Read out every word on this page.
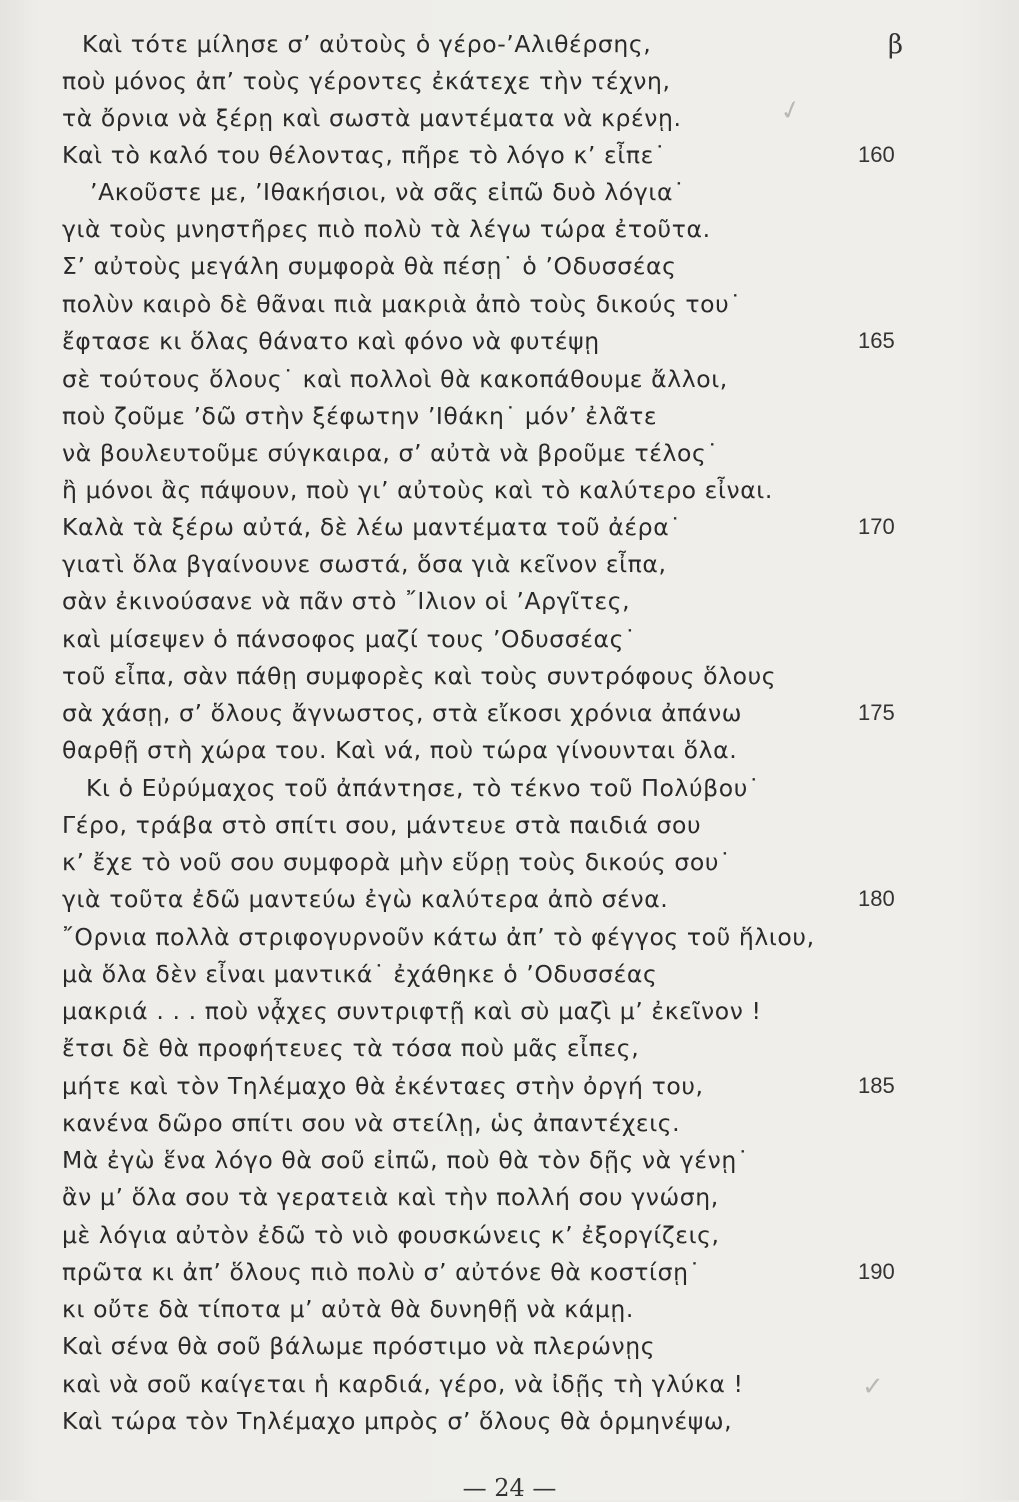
β
Καὶ τότε μίλησε σ’ αὐτοὺς ὁ γέρο-’Αλιθέρσης,
ποὺ μόνος ἀπ’ τοὺς γέροντες ἐκάτεχε τὴν τέχνη,
τὰ ὄρνια νὰ ξέρῃ καὶ σωστὰ μαντέματα νὰ κρένῃ.
Καὶ τὸ καλό του θέλοντας, πῆρε τὸ λόγο κ’ εἶπε˙
’Ακοῦστε με, ’Ιθακήσιοι, νὰ σᾶς εἰπῶ δυὸ λόγια˙
γιὰ τοὺς μνηστῆρες πιὸ πολὺ τὰ λέγω τώρα ἐτοῦτα.
Σ’ αὐτοὺς μεγάλη συμφορὰ θὰ πέσῃ˙ ὁ ’Οδυσσέας
πολὺν καιρὸ δὲ θᾶναι πιὰ μακριὰ ἀπὸ τοὺς δικούς του˙
ἔφτασε κι ὅλας θάνατο καὶ φόνο νὰ φυτέψῃ
σὲ τούτους ὅλους˙ καὶ πολλοὶ θὰ κακοπάθουμε ἄλλοι,
ποὺ ζοῦμε ’δῶ στὴν ξέφωτην ’Ιθάκη˙ μόν’ ἐλᾶτε
νὰ βουλευτοῦμε σύγκαιρα, σ’ αὐτὰ νὰ βροῦμε τέλος˙
ἢ μόνοι ἂς πάψουν, ποὺ γι’ αὐτοὺς καὶ τὸ καλύτερο εἶναι.
Καλὰ τὰ ξέρω αὐτά, δὲ λέω μαντέματα τοῦ ἀέρα˙
γιατὶ ὅλα βγαίνουνε σωστά, ὅσα γιὰ κεῖνον εἶπα,
σὰν ἐκινούσανε νὰ πᾶν στὸ ῎Ιλιον οἱ ’Αργῖτες,
καὶ μίσεψεν ὁ πάνσοφος μαζί τους ’Οδυσσέας˙
τοῦ εἶπα, σὰν πάθῃ συμφορὲς καὶ τοὺς συντρόφους ὅλους
σὰ χάσῃ, σ’ ὅλους ἄγνωστος, στὰ εἴκοσι χρόνια ἀπάνω
θαρθῇ στὴ χώρα του. Καὶ νά, ποὺ τώρα γίνουνται ὅλα.
Κι ὁ Εὐρύμαχος τοῦ ἀπάντησε, τὸ τέκνο τοῦ Πολύβου˙
Γέρο, τράβα στὸ σπίτι σου, μάντευε στὰ παιδιά σου
κ’ ἔχε τὸ νοῦ σου συμφορὰ μὴν εὕρῃ τοὺς δικούς σου˙
γιὰ τοῦτα ἐδῶ μαντεύω ἐγὼ καλύτερα ἀπὸ σένα.
῎Ορνια πολλὰ στριφογυρνοῦν κάτω ἀπ’ τὸ φέγγος τοῦ ἥλιου,
μὰ ὅλα δὲν εἶναι μαντικά˙ ἐχάθηκε ὁ ’Οδυσσέας
μακριά . . . ποὺ νᾆχες συντριφτῇ καὶ σὺ μαζὶ μ’ ἐκεῖνον !
ἔτσι δὲ θὰ προφήτευες τὰ τόσα ποὺ μᾶς εἶπες,
μήτε καὶ τὸν Τηλέμαχο θὰ ἐκένταες στὴν ὀργή του,
κανένα δῶρο σπίτι σου νὰ στείλῃ, ὡς ἀπαντέχεις.
Μὰ ἐγὼ ἕνα λόγο θὰ σοῦ εἰπῶ, ποὺ θὰ τὸν δῇς νὰ γένῃ˙
ἂν μ’ ὅλα σου τὰ γερατειὰ καὶ τὴν πολλή σου γνώση,
μὲ λόγια αὐτὸν ἐδῶ τὸ νιὸ φουσκώνεις κ’ ἐξοργίζεις,
πρῶτα κι ἀπ’ ὅλους πιὸ πολὺ σ’ αὐτόνε θὰ κοστίσῃ˙
κι οὔτε δὰ τίποτα μ’ αὐτὰ θὰ δυνηθῇ νὰ κάμῃ.
Καὶ σένα θὰ σοῦ βάλωμε πρόστιμο νὰ πλερώνῃς
καὶ νὰ σοῦ καίγεται ἡ καρδιά, γέρο, νὰ ἰδῇς τὴ γλύκα !
Καὶ τώρα τὸν Τηλέμαχο μπρὸς σ’ ὅλους θὰ ὁρμηνέψω,
160
165
170
175
180
185
190
✓
✓
— 24 —
